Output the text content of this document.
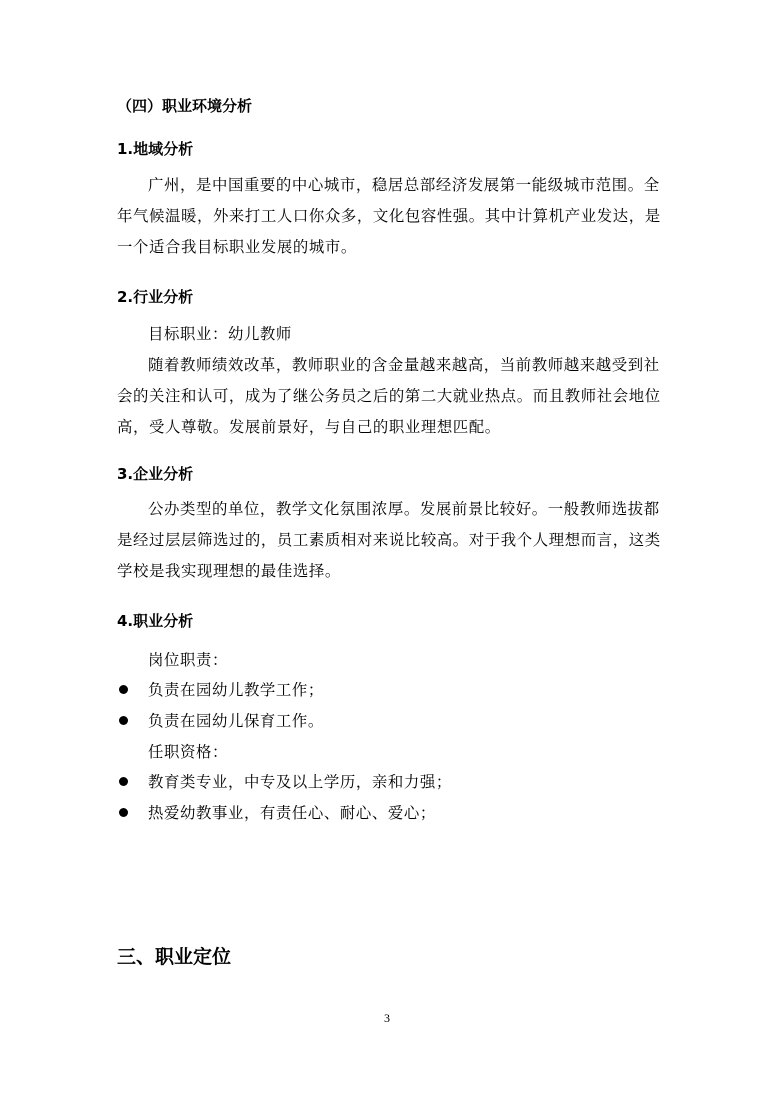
（四）职业环境分析
1.地域分析
广州，是中国重要的中心城市，稳居总部经济发展第一能级城市范围。全年气候温暖，外来打工人口你众多，文化包容性强。其中计算机产业发达，是一个适合我目标职业发展的城市。
2.行业分析
目标职业：幼儿教师
随着教师绩效改革，教师职业的含金量越来越高，当前教师越来越受到社会的关注和认可，成为了继公务员之后的第二大就业热点。而且教师社会地位高，受人尊敬。发展前景好，与自己的职业理想匹配。
3.企业分析
公办类型的单位，教学文化氛围浓厚。发展前景比较好。一般教师选拔都是经过层层筛选过的，员工素质相对来说比较高。对于我个人理想而言，这类学校是我实现理想的最佳选择。
4.职业分析
岗位职责：
负责在园幼儿教学工作；
负责在园幼儿保育工作。
任职资格：
教育类专业，中专及以上学历，亲和力强；
热爱幼教事业，有责任心、耐心、爱心；
三、职业定位
3
